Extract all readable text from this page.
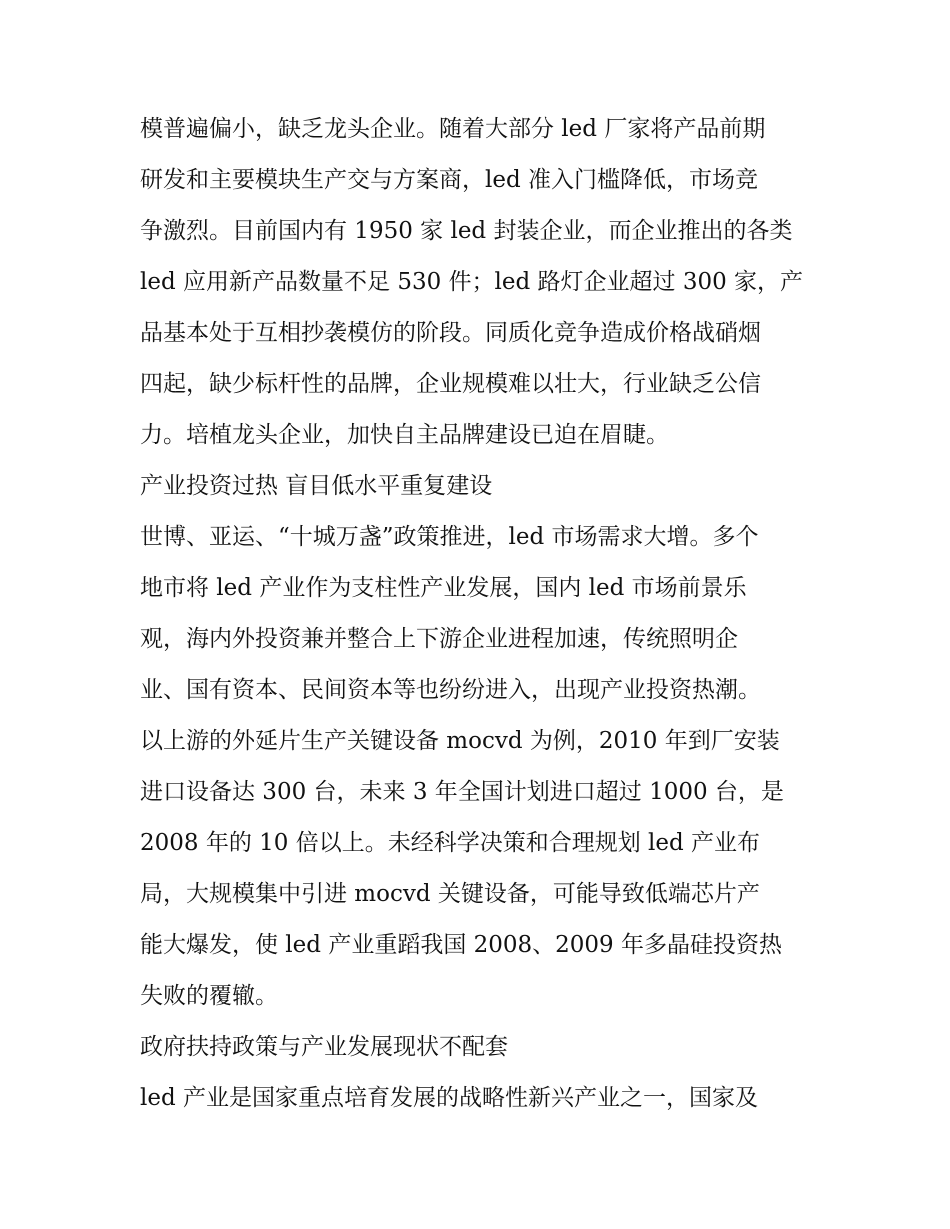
模普遍偏小，缺乏龙头企业。随着大部分 led 厂家将产品前期
研发和主要模块生产交与方案商，led 准入门槛降低，市场竞
争激烈。目前国内有 1950 家 led 封装企业，而企业推出的各类
led 应用新产品数量不足 530 件；led 路灯企业超过 300 家，产
品基本处于互相抄袭模仿的阶段。同质化竞争造成价格战硝烟
四起，缺少标杆性的品牌，企业规模难以壮大，行业缺乏公信
力。培植龙头企业，加快自主品牌建设已迫在眉睫。
产业投资过热 盲目低水平重复建设
世博、亚运、“十城万盏”政策推进，led 市场需求大增。多个
地市将 led 产业作为支柱性产业发展，国内 led 市场前景乐
观，海内外投资兼并整合上下游企业进程加速，传统照明企
业、国有资本、民间资本等也纷纷进入，出现产业投资热潮。
以上游的外延片生产关键设备 mocvd 为例，2010 年到厂安装
进口设备达 300 台，未来 3 年全国计划进口超过 1000 台，是
2008 年的 10 倍以上。未经科学决策和合理规划 led 产业布
局，大规模集中引进 mocvd 关键设备，可能导致低端芯片产
能大爆发，使 led 产业重蹈我国 2008、2009 年多晶硅投资热
失败的覆辙。
政府扶持政策与产业发展现状不配套
led 产业是国家重点培育发展的战略性新兴产业之一，国家及
